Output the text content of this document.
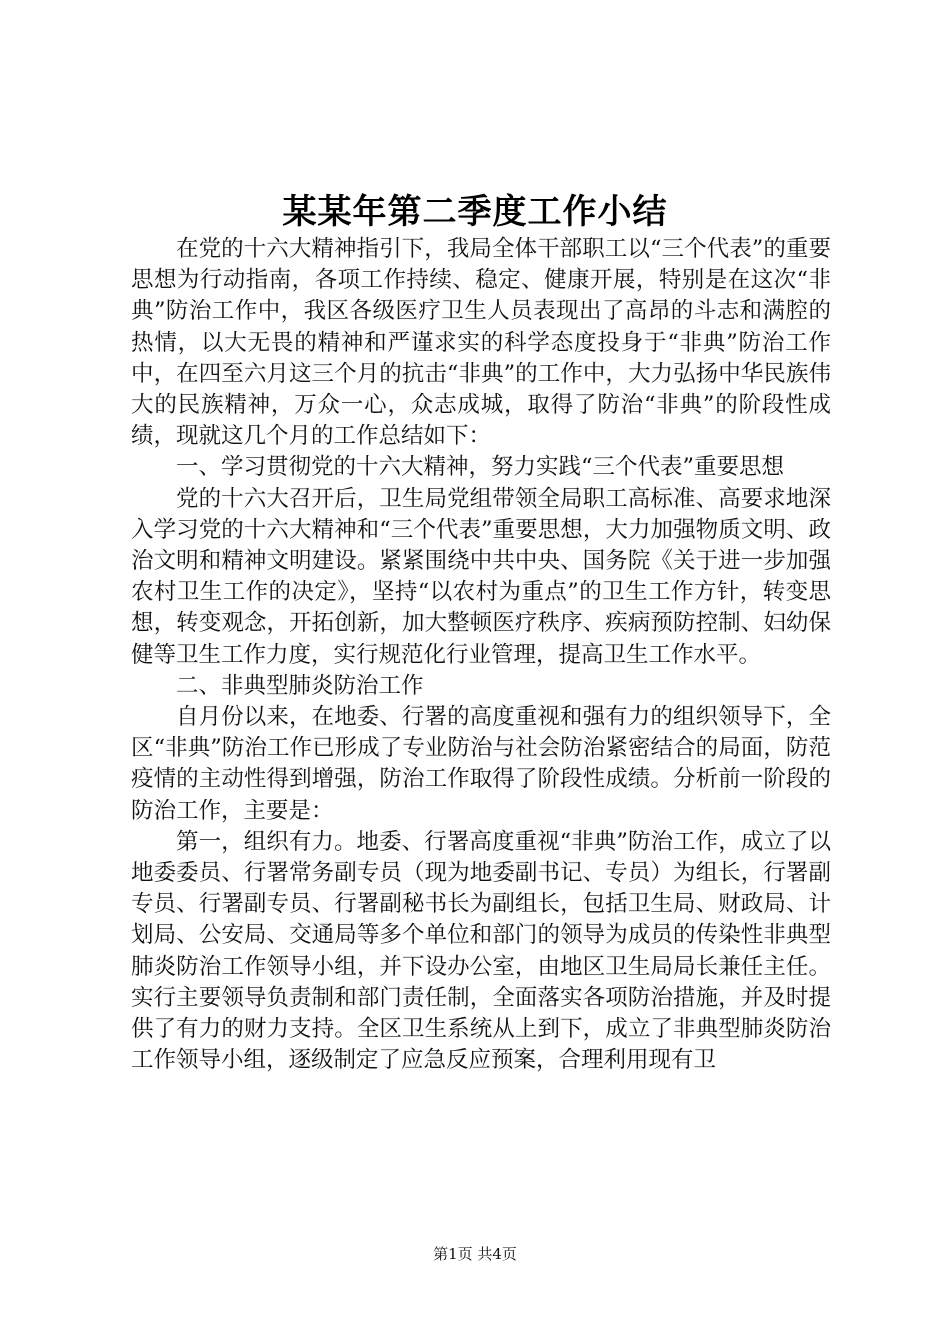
某某年第二季度工作小结

在党的十六大精神指引下，我局全体干部职工以“三个代表”的重要思想为行动指南，各项工作持续、稳定、健康开展，特别是在这次“非典”防治工作中，我区各级医疗卫生人员表现出了高昂的斗志和满腔的热情，以大无畏的精神和严谨求实的科学态度投身于“非典”防治工作中，在四至六月这三个月的抗击“非典”的工作中，大力弘扬中华民族伟大的民族精神，万众一心，众志成城，取得了防治“非典”的阶段性成绩，现就这几个月的工作总结如下：

一、学习贯彻党的十六大精神，努力实践“三个代表”重要思想

党的十六大召开后，卫生局党组带领全局职工高标准、高要求地深入学习党的十六大精神和“三个代表”重要思想，大力加强物质文明、政治文明和精神文明建设。紧紧围绕中共中央、国务院《关于进一步加强农村卫生工作的决定》，坚持“以农村为重点”的卫生工作方针，转变思想，转变观念，开拓创新，加大整顿医疗秩序、疾病预防控制、妇幼保健等卫生工作力度，实行规范化行业管理，提高卫生工作水平。

二、非典型肺炎防治工作

自月份以来，在地委、行署的高度重视和强有力的组织领导下，全区“非典”防治工作已形成了专业防治与社会防治紧密结合的局面，防范疫情的主动性得到增强，防治工作取得了阶段性成绩。分析前一阶段的防治工作，主要是：

第一，组织有力。地委、行署高度重视“非典”防治工作，成立了以地委委员、行署常务副专员（现为地委副书记、专员）为组长，行署副专员、行署副专员、行署副秘书长为副组长，包括卫生局、财政局、计划局、公安局、交通局等多个单位和部门的领导为成员的传染性非典型肺炎防治工作领导小组，并下设办公室，由地区卫生局局长兼任主任。实行主要领导负责制和部门责任制，全面落实各项防治措施，并及时提供了有力的财力支持。全区卫生系统从上到下，成立了非典型肺炎防治工作领导小组，逐级制定了应急反应预案，合理利用现有卫

第1页 共4页
